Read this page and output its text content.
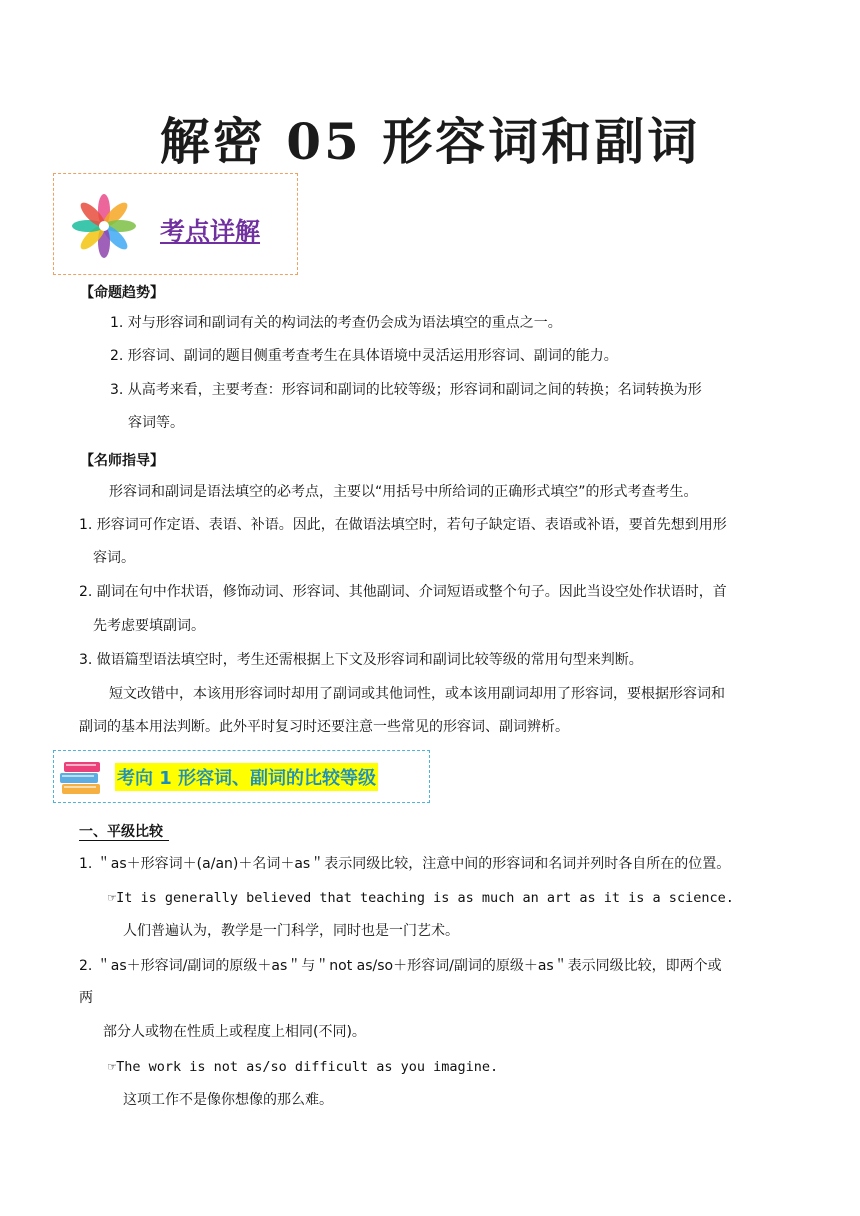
解密 05 形容词和副词
考点详解
【命题趋势】
1. 对与形容词和副词有关的构词法的考查仍会成为语法填空的重点之一。
2. 形容词、副词的题目侧重考查考生在具体语境中灵活运用形容词、副词的能力。
3. 从高考来看，主要考查：形容词和副词的比较等级；形容词和副词之间的转换；名词转换为形
容词等。
【名师指导】
形容词和副词是语法填空的必考点，主要以“用括号中所给词的正确形式填空”的形式考查考生。
1. 形容词可作定语、表语、补语。因此，在做语法填空时，若句子缺定语、表语或补语，要首先想到用形
容词。
2. 副词在句中作状语，修饰动词、形容词、其他副词、介词短语或整个句子。因此当设空处作状语时，首
先考虑要填副词。
3. 做语篇型语法填空时，考生还需根据上下文及形容词和副词比较等级的常用句型来判断。
短文改错中，本该用形容词时却用了副词或其他词性，或本该用副词却用了形容词，要根据形容词和
副词的基本用法判断。此外平时复习时还要注意一些常见的形容词、副词辨析。
考向 1 形容词、副词的比较等级
一、平级比较
1. ＂as＋形容词＋(a/an)＋名词＋as＂表示同级比较，注意中间的形容词和名词并列时各自所在的位置。
☞It is generally believed that teaching is as much an art as it is a science.
人们普遍认为，教学是一门科学，同时也是一门艺术。
2. ＂as＋形容词/副词的原级＋as＂与＂not as/so＋形容词/副词的原级＋as＂表示同级比较，即两个或
两
部分人或物在性质上或程度上相同(不同)。
☞The work is not as/so difficult as you imagine.
这项工作不是像你想像的那么难。
